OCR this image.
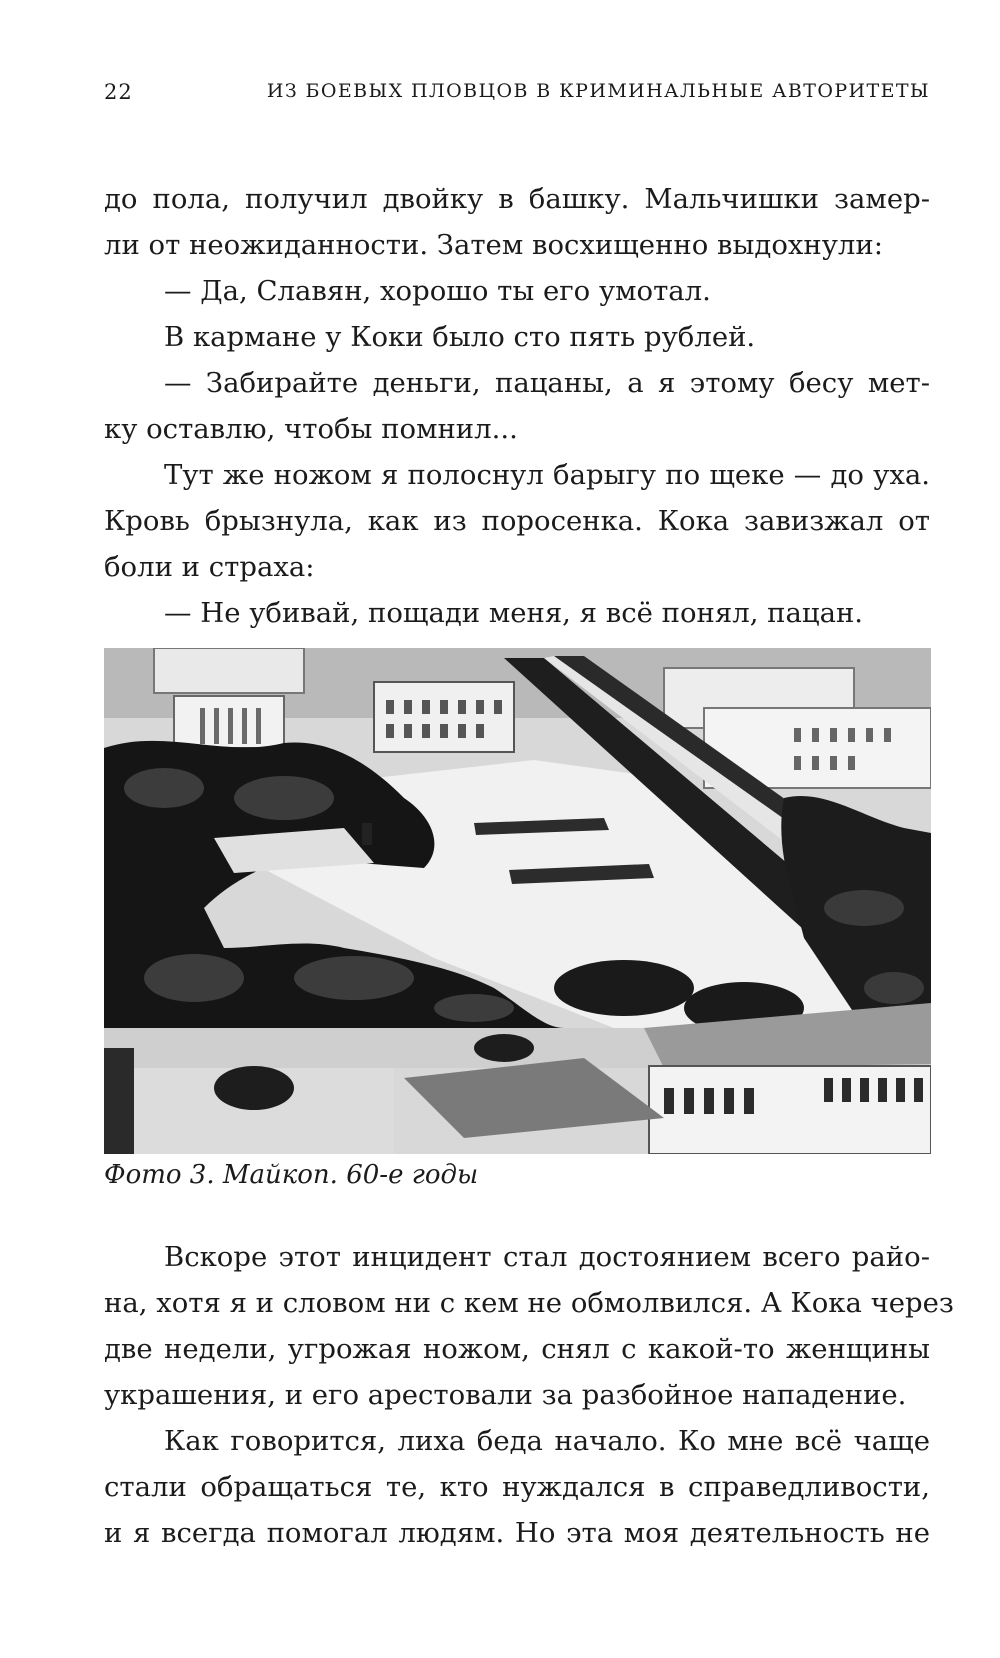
22	ИЗ БОЕВЫХ ПЛОВЦОВ В КРИМИНАЛЬНЫЕ АВТОРИТЕТЫ
до пола, получил двойку в башку. Мальчишки замер-
ли от неожиданности. Затем восхищенно выдохнули:
— Да, Славян, хорошо ты его умотал.
В кармане у Коки было сто пять рублей.
— Забирайте деньги, пацаны, а я этому бесу мет-
ку оставлю, чтобы помнил...
Тут же ножом я полоснул барыгу по щеке — до уха.
Кровь брызнула, как из поросенка. Кока завизжал от
боли и страха:
— Не убивай, пощади меня, я всё понял, пацан.
Фото 3. Майкоп. 60-е годы
Вскоре этот инцидент стал достоянием всего райо-
на, хотя я и словом ни с кем не обмолвился. А Кока через
две недели, угрожая ножом, снял с какой-то женщины
украшения, и его арестовали за разбойное нападение.
Как говорится, лиха беда начало. Ко мне всё чаще
стали обращаться те, кто нуждался в справедливости,
и я всегда помогал людям. Но эта моя деятельность не
